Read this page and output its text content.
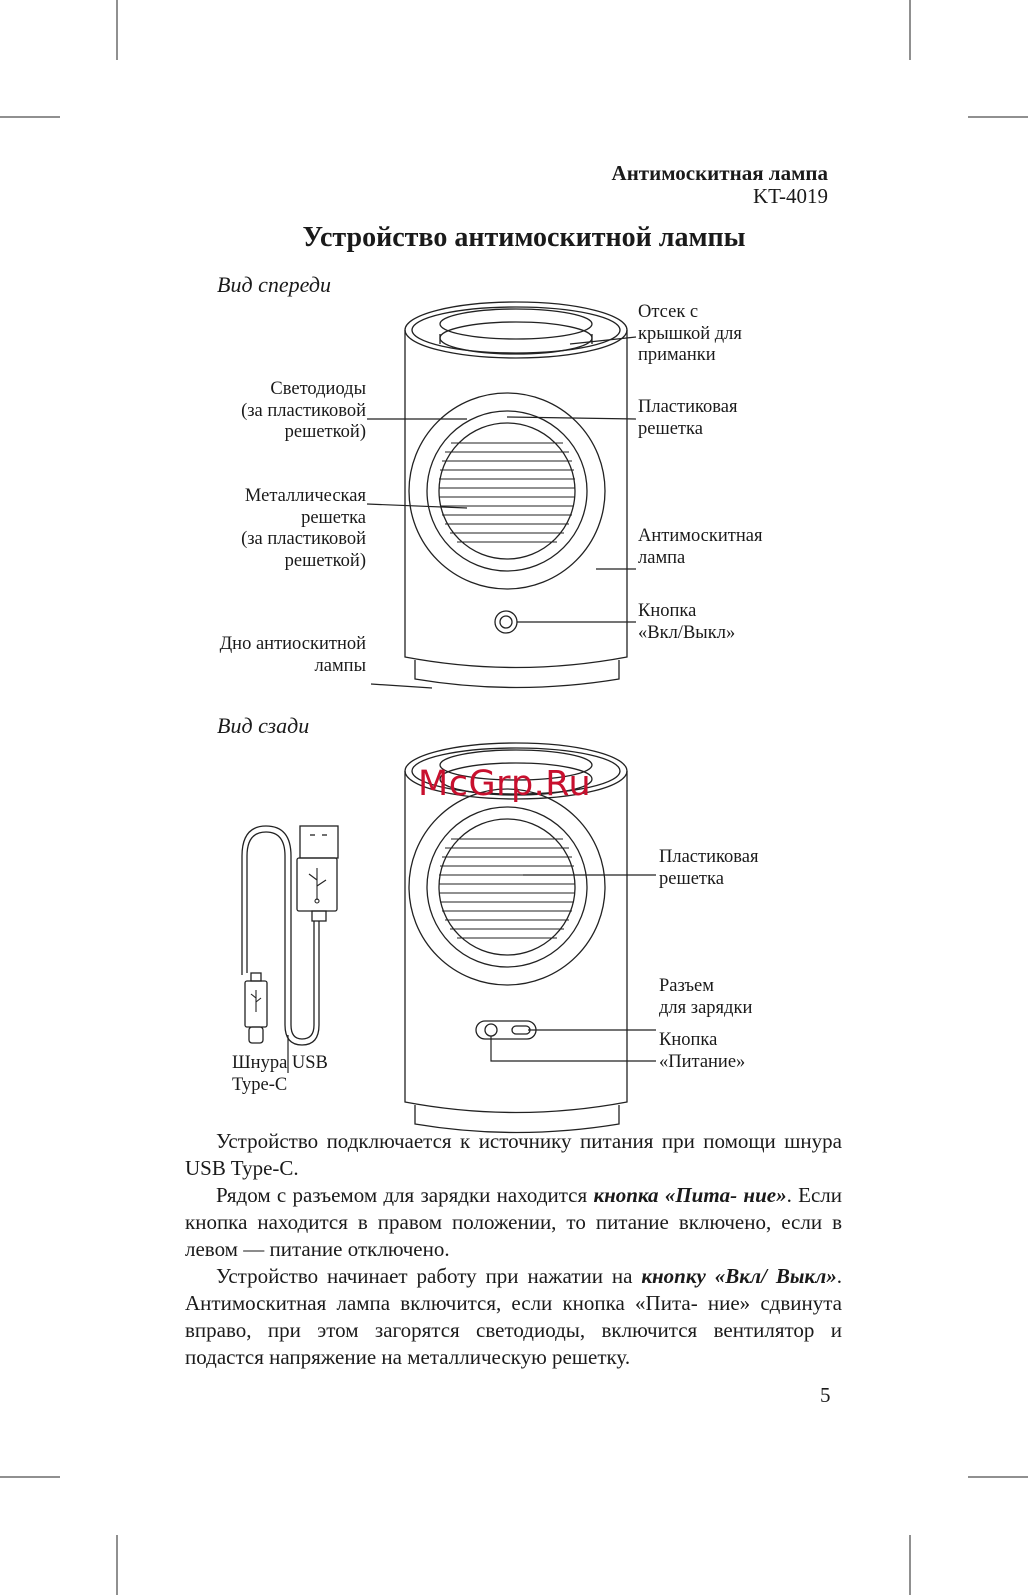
Антимоскитная лампа
KT-4019
Устройство антимоскитной лампы
Вид спереди
Отсек с
крышкой для
приманки
Светодиоды
(за пластиковой
решеткой)
Пластиковая
решетка
Металлическая
решетка
(за пластиковой
решеткой)
Антимоскитная
лампа
Кнопка
«Вкл/Выкл»
Дно антиоскитной
лампы
Вид сзади
McGrp.Ru
Пластиковая
решетка
Разъем
для зарядки
Кнопка
«Питание»
Шнура USB
Type-C

Устройство подключается к источнику питания при помощи шнура USB Type-C.

Рядом с разъемом для зарядки находится кнопка «Пита- ние». Если кнопка находится в правом положении, то питание включено, если в левом — питание отключено.

Устройство начинает работу при нажатии на кнопку «Вкл/ Выкл». Антимоскитная лампа включится, если кнопка «Пита- ние» сдвинута вправо, при этом загорятся светодиоды, включится вентилятор и подастся напряжение на металлическую решетку.

5
